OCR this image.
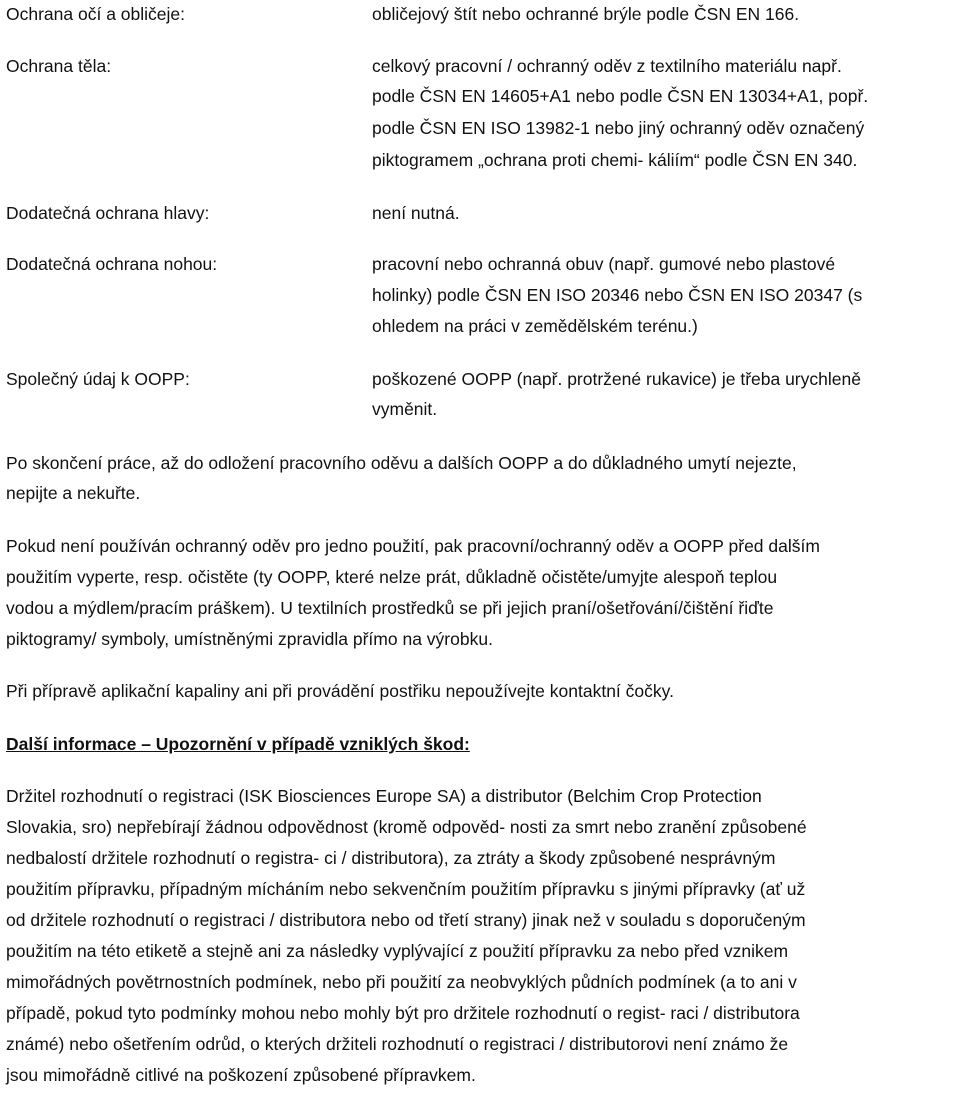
Ochrana očí a obličeje:	obličejový štít nebo ochranné brýle podle ČSN EN 166.
Ochrana těla:	celkový pracovní / ochranný oděv z textilního materiálu např.
podle ČSN EN 14605+A1 nebo podle ČSN EN 13034+A1, popř.
podle ČSN EN ISO 13982-1 nebo jiný ochranný oděv označený
piktogramem „ochrana proti chemi- káliím“ podle ČSN EN 340.
Dodatečná ochrana hlavy:	není nutná.
Dodatečná ochrana nohou:	pracovní nebo ochranná obuv (např. gumové nebo plastové
holinky) podle ČSN EN ISO 20346 nebo ČSN EN ISO 20347 (s
ohledem na práci v zemědělském terénu.)
Společný údaj k OOPP:	poškozené OOPP (např. protržené rukavice) je třeba urychleně
vyměnit.
Po skončení práce, až do odložení pracovního oděvu a dalších OOPP a do důkladného umytí nejezte,
nepijte a nekuřte.
Pokud není používán ochranný oděv pro jedno použití, pak pracovní/ochranný oděv a OOPP před dalším
použitím vyperte, resp. očistěte (ty OOPP, které nelze prát, důkladně očistěte/umyjte alespoň teplou
vodou a mýdlem/pracím práškem). U textilních prostředků se při jejich praní/ošetřování/čištění řiďte
piktogramy/ symboly, umístněnými zpravidla přímo na výrobku.
Při přípravě aplikační kapaliny ani při provádění postřiku nepoužívejte kontaktní čočky.
Další informace – Upozornění v případě vzniklých škod:
Držitel rozhodnutí o registraci (ISK Biosciences Europe SA) a distributor (Belchim Crop Protection
Slovakia, sro) nepřebírají žádnou odpovědnost (kromě odpověd- nosti za smrt nebo zranění způsobené
nedbalostí držitele rozhodnutí o registra- ci / distributora), za ztráty a škody způsobené nesprávným
použitím přípravku, případným mícháním nebo sekvenčním použitím přípravku s jinými přípravky (ať už
od držitele rozhodnutí o registraci / distributora nebo od třetí strany) jinak než v souladu s doporučeným
použitím na této etiketě a stejně ani za následky vyplývající z použití přípravku za nebo před vznikem
mimořádných povětrnostních podmínek, nebo při použití za neobvyklých půdních podmínek (a to ani v
případě, pokud tyto podmínky mohou nebo mohly být pro držitele rozhodnutí o regist- raci / distributora
známé) nebo ošetřením odrůd, o kterých držiteli rozhodnutí o registraci / distributorovi není známo že
jsou mimořádně citlivé na poškození způsobené přípravkem.
